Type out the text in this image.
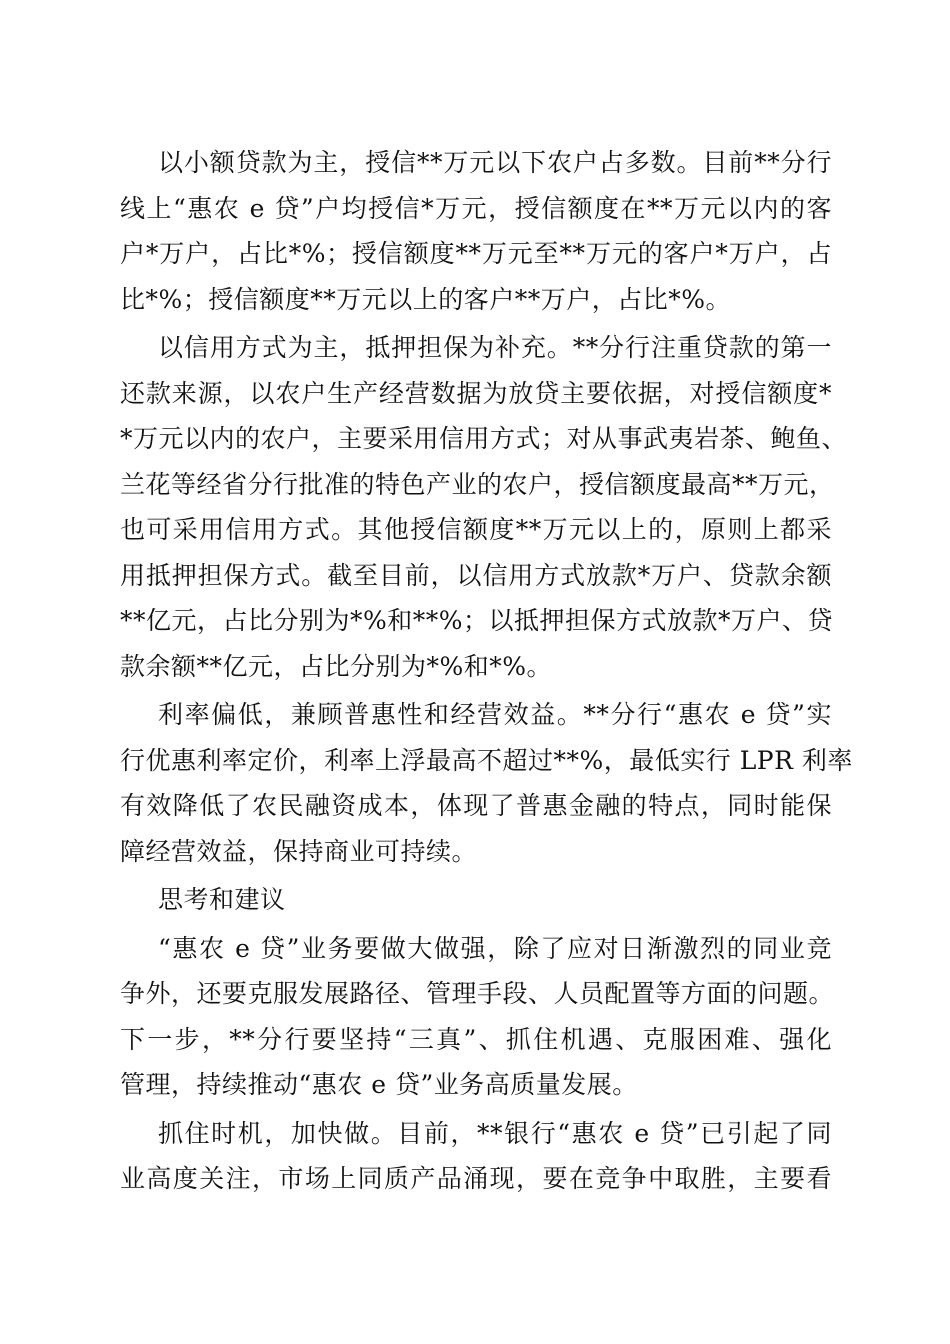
以小额贷款为主，授信**万元以下农户占多数。目前**分行
线上“惠农 e 贷”户均授信*万元，授信额度在**万元以内的客
户*万户，占比*%；授信额度**万元至**万元的客户*万户，占
比*%；授信额度**万元以上的客户**万户，占比*%。
以信用方式为主，抵押担保为补充。**分行注重贷款的第一
还款来源，以农户生产经营数据为放贷主要依据，对授信额度*
*万元以内的农户，主要采用信用方式；对从事武夷岩茶、鲍鱼、
兰花等经省分行批准的特色产业的农户，授信额度最高**万元，
也可采用信用方式。其他授信额度**万元以上的，原则上都采
用抵押担保方式。截至目前，以信用方式放款*万户、贷款余额
**亿元，占比分别为*%和**%；以抵押担保方式放款*万户、贷
款余额**亿元，占比分别为*%和*%。
利率偏低，兼顾普惠性和经营效益。**分行“惠农 e 贷”实
行优惠利率定价，利率上浮最高不超过**%，最低实行 LPR 利率
有效降低了农民融资成本，体现了普惠金融的特点，同时能保
障经营效益，保持商业可持续。
思考和建议
“惠农 e 贷”业务要做大做强，除了应对日渐激烈的同业竞
争外，还要克服发展路径、管理手段、人员配置等方面的问题。
下一步，**分行要坚持“三真”、抓住机遇、克服困难、强化
管理，持续推动“惠农 e 贷”业务高质量发展。
抓住时机，加快做。目前，**银行“惠农 e 贷”已引起了同
业高度关注，市场上同质产品涌现，要在竞争中取胜，主要看
